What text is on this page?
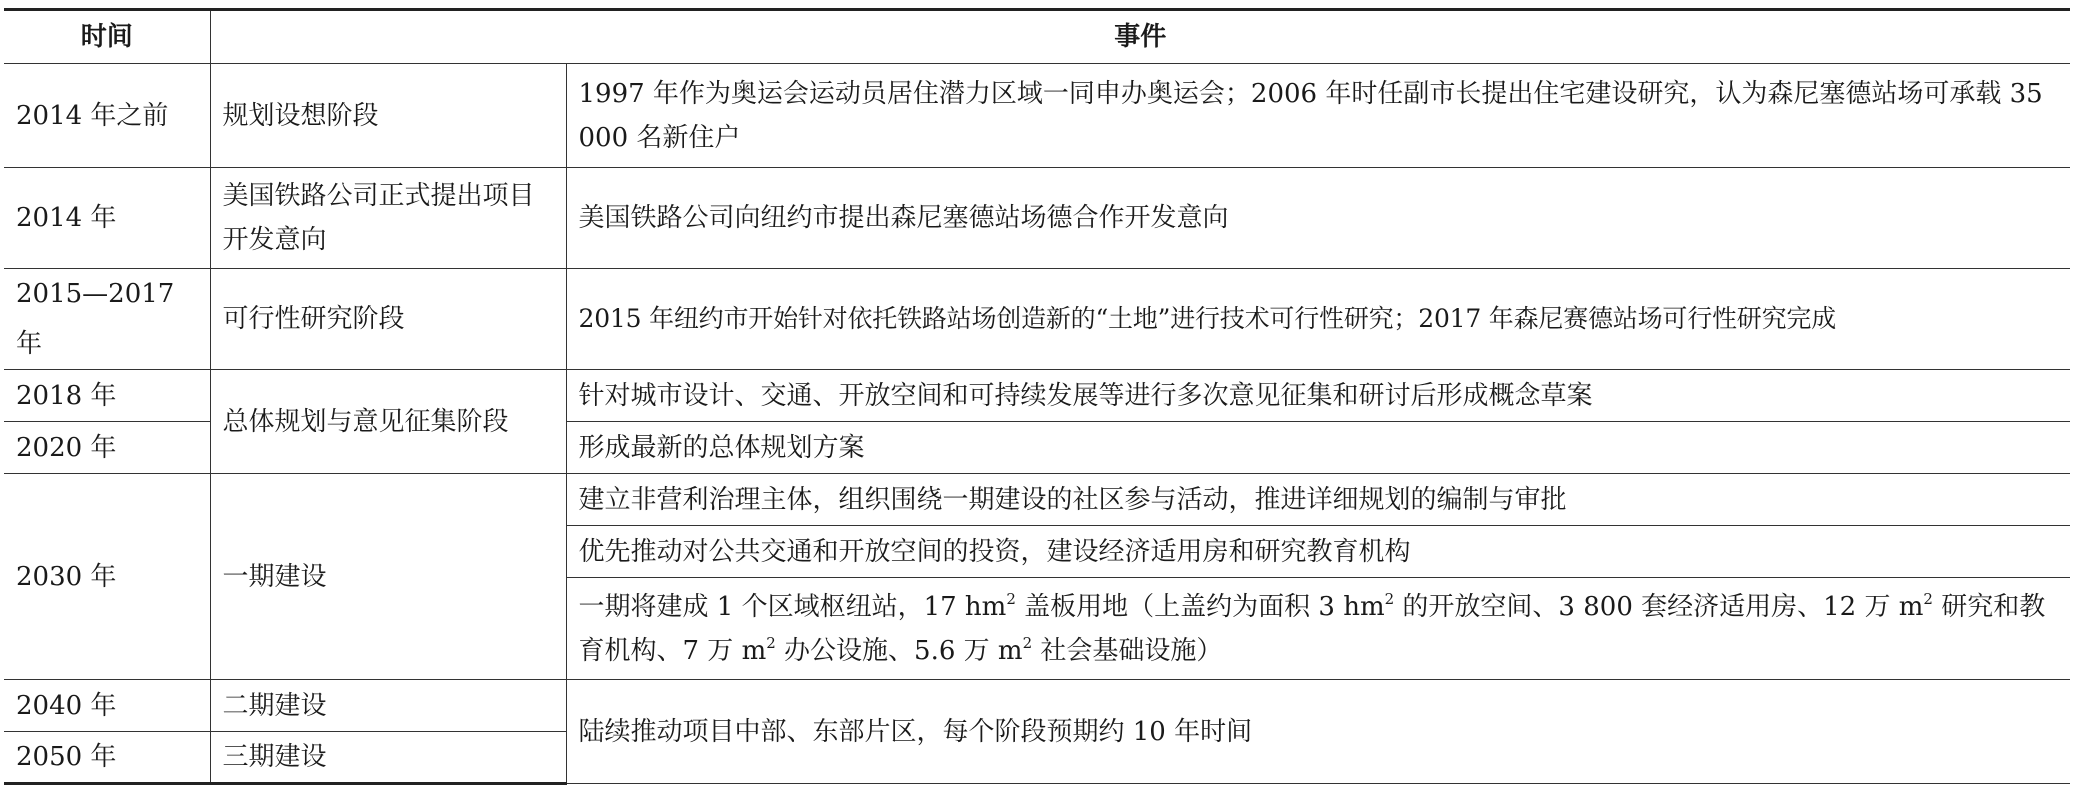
时间	事件	
2014 年之前	规划设想阶段	1997 年作为奥运会运动员居住潜力区域一同申办奥运会；2006 年时任副市长提出住宅建设研究，认为森尼塞德站场可承载 35 000 名新住户
2014 年	美国铁路公司正式提出项目开发意向	美国铁路公司向纽约市提出森尼塞德站场德合作开发意向
2015—2017 年	可行性研究阶段	2015 年纽约市开始针对依托铁路站场创造新的“土地”进行技术可行性研究；2017 年森尼赛德站场可行性研究完成
2018 年	总体规划与意见征集阶段	针对城市设计、交通、开放空间和可持续发展等进行多次意见征集和研讨后形成概念草案
2020 年		形成最新的总体规划方案
2030 年	一期建设	建立非营利治理主体，组织围绕一期建设的社区参与活动，推进详细规划的编制与审批
		优先推动对公共交通和开放空间的投资，建设经济适用房和研究教育机构
		一期将建成 1 个区域枢纽站，17 $hm^2$ 盖板用地（上盖约为面积 3 $hm^2$ 的开放空间、3 800 套经济适用房、12 万 $m^2$ 研究和教育机构、7 万 $m^2$ 办公设施、5.6 万 $m^2$ 社会基础设施）
2040 年	二期建设	陆续推动项目中部、东部片区，每个阶段预期约 10 年时间
2050 年	三期建设	
